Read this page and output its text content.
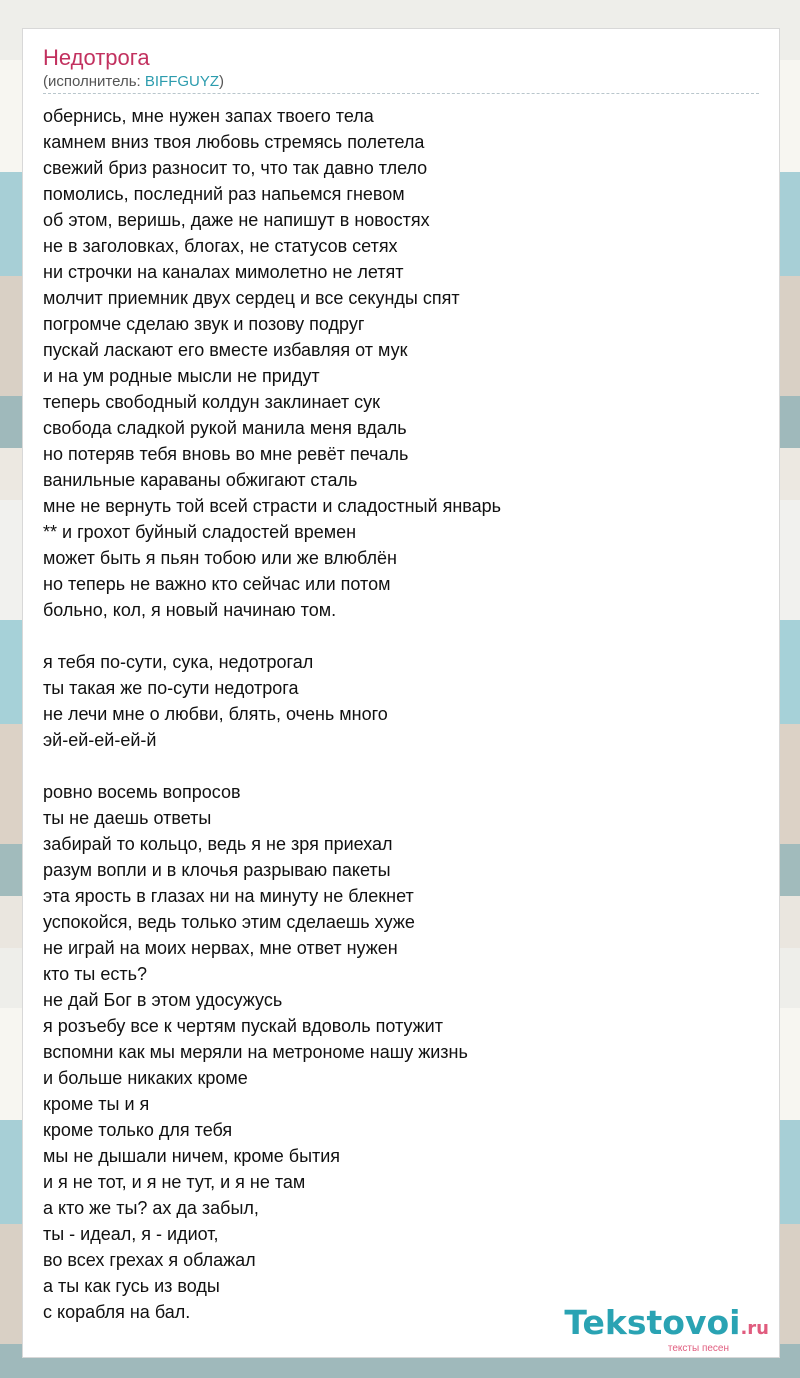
Недотрога
(исполнитель: BIFFGUYZ)
обернись, мне нужен запах твоего тела
камнем вниз твоя любовь стремясь полетела
свежий бриз разносит то, что так давно тлело
помолись, последний раз напьемся гневом
об этом, веришь, даже не напишут в новостях
не в заголовках, блогах, не статусов сетях
ни строчки на каналах мимолетно не летят
молчит приемник двух сердец и все секунды спят
погромче сделаю звук и позову подруг
пускай ласкают его вместе избавляя от мук
и на ум родные мысли не придут
теперь свободный колдун заклинает сук
свобода сладкой рукой манила меня вдаль
но потеряв тебя вновь во мне ревёт печаль
ванильные караваны обжигают сталь
мне не вернуть той всей страсти и сладостный январь
** и грохот буйный сладостей времен
может быть я пьян тобою или же влюблён
но теперь не важно кто сейчас или потом
больно, кол, я новый начинаю том.
я тебя по-сути, сука, недотрогал
ты такая же по-сути недотрога
не лечи мне о любви, блять, очень много
эй-ей-ей-ей-й
ровно восемь вопросов
ты не даешь ответы
забирай то кольцо, ведь я не зря приехал
разум вопли и в клочья разрываю пакеты
эта ярость в глазах ни на минуту не блекнет
успокойся, ведь только этим сделаешь хуже
не играй на моих нервах, мне ответ нужен
кто ты есть?
не дай Бог в этом удосужусь
я розъебу все к чертям пускай вдоволь потужит
вспомни как мы меряли на метрономе нашу жизнь
и больше никаких кроме
кроме ты и я
кроме только для тебя
мы не дышали ничем, кроме бытия
и я не тот, и я не тут, и я не там
а кто же ты? ах да забыл,
ты - идеал, я - идиот,
во всех грехах я облажал
а ты как гусь из воды
с корабля на бал.	Tekstovoi.ru
тексты песен
